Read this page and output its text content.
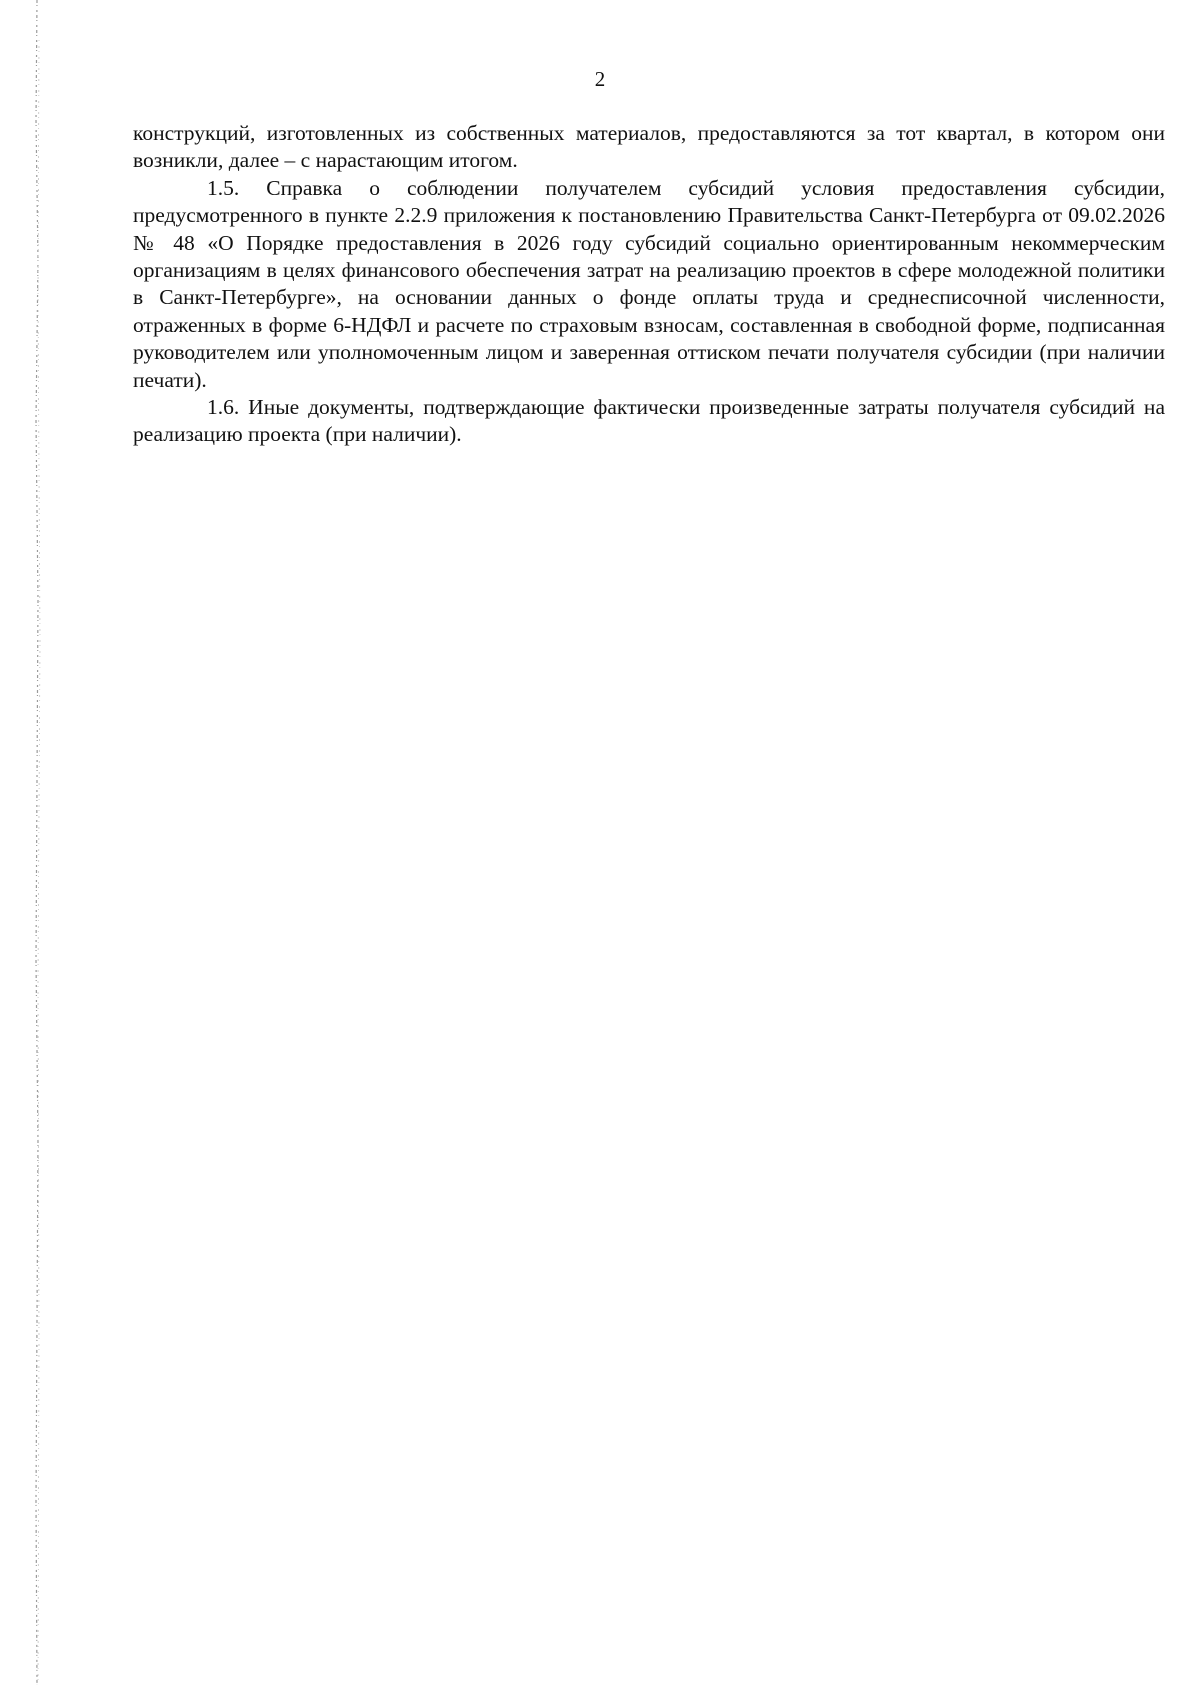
2

конструкций, изготовленных из собственных материалов, предоставляются за тот квартал, в котором они возникли, далее – с нарастающим итогом.

1.5. Справка о соблюдении получателем субсидий условия предоставления субсидии, предусмотренного в пункте 2.2.9 приложения к постановлению Правительства Санкт-Петербурга от 09.02.2026 № 48 «О Порядке предоставления в 2026 году субсидий социально ориентированным некоммерческим организациям в целях финансового обеспечения затрат на реализацию проектов в сфере молодежной политики в Санкт-Петербурге», на основании данных о фонде оплаты труда и среднесписочной численности, отраженных в форме 6-НДФЛ и расчете по страховым взносам, составленная в свободной форме, подписанная руководителем или уполномоченным лицом и заверенная оттиском печати получателя субсидии (при наличии печати).

1.6. Иные документы, подтверждающие фактически произведенные затраты получателя субсидий на реализацию проекта (при наличии).
